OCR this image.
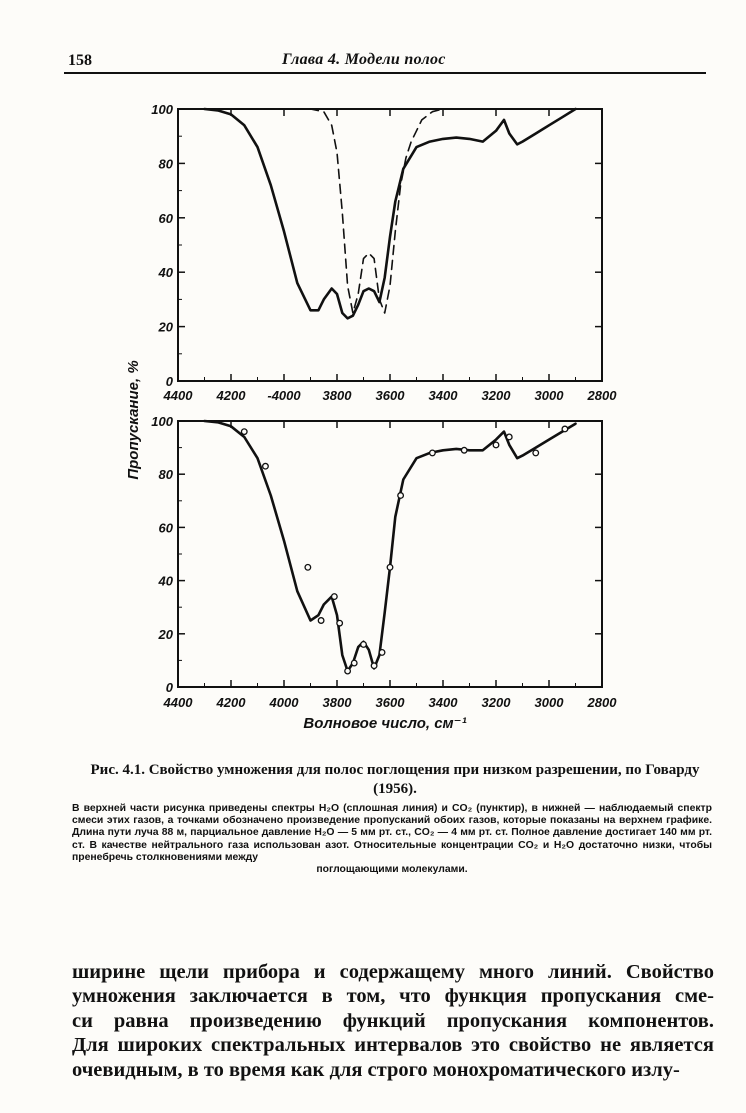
158	Глава 4. Модели полос
4400 4200 -4000 3800 3600 3400 3200 3000 2800
0
20
40
60
80
100
4400 4200 4000 3800 3600 3400 3200 3000 2800
0
20
40
60
80
100
Пропускание, %
Волновое число, см⁻¹
Рис. 4.1. Свойство умножения для полос поглощения при низком разрешении, по Говарду (1956).
В верхней части рисунка приведены спектры H₂O (сплошная линия) и CO₂ (пунктир), в нижней — наблюдаемый спектр смеси этих газов, а точками обозначено произведение пропусканий обоих газов, которые показаны на верхнем графике. Длина пути луча 88 м, парциальное давление H₂O — 5 мм рт. ст., CO₂ — 4 мм рт. ст. Полное давление достигает 140 мм рт. ст. В качестве нейтрального газа использован азот. Относительные концентрации CO₂ и H₂O достаточно низки, чтобы пренебречь столкновениями между
поглощающими молекулами.
ширине щели прибора и содержащему много линий. Свойство
умножения заключается в том, что функция пропускания сме-
си равна произведению функций пропускания компонентов.
Для широких спектральных интервалов это свойство не является
очевидным, в то время как для строго монохроматического излу-
